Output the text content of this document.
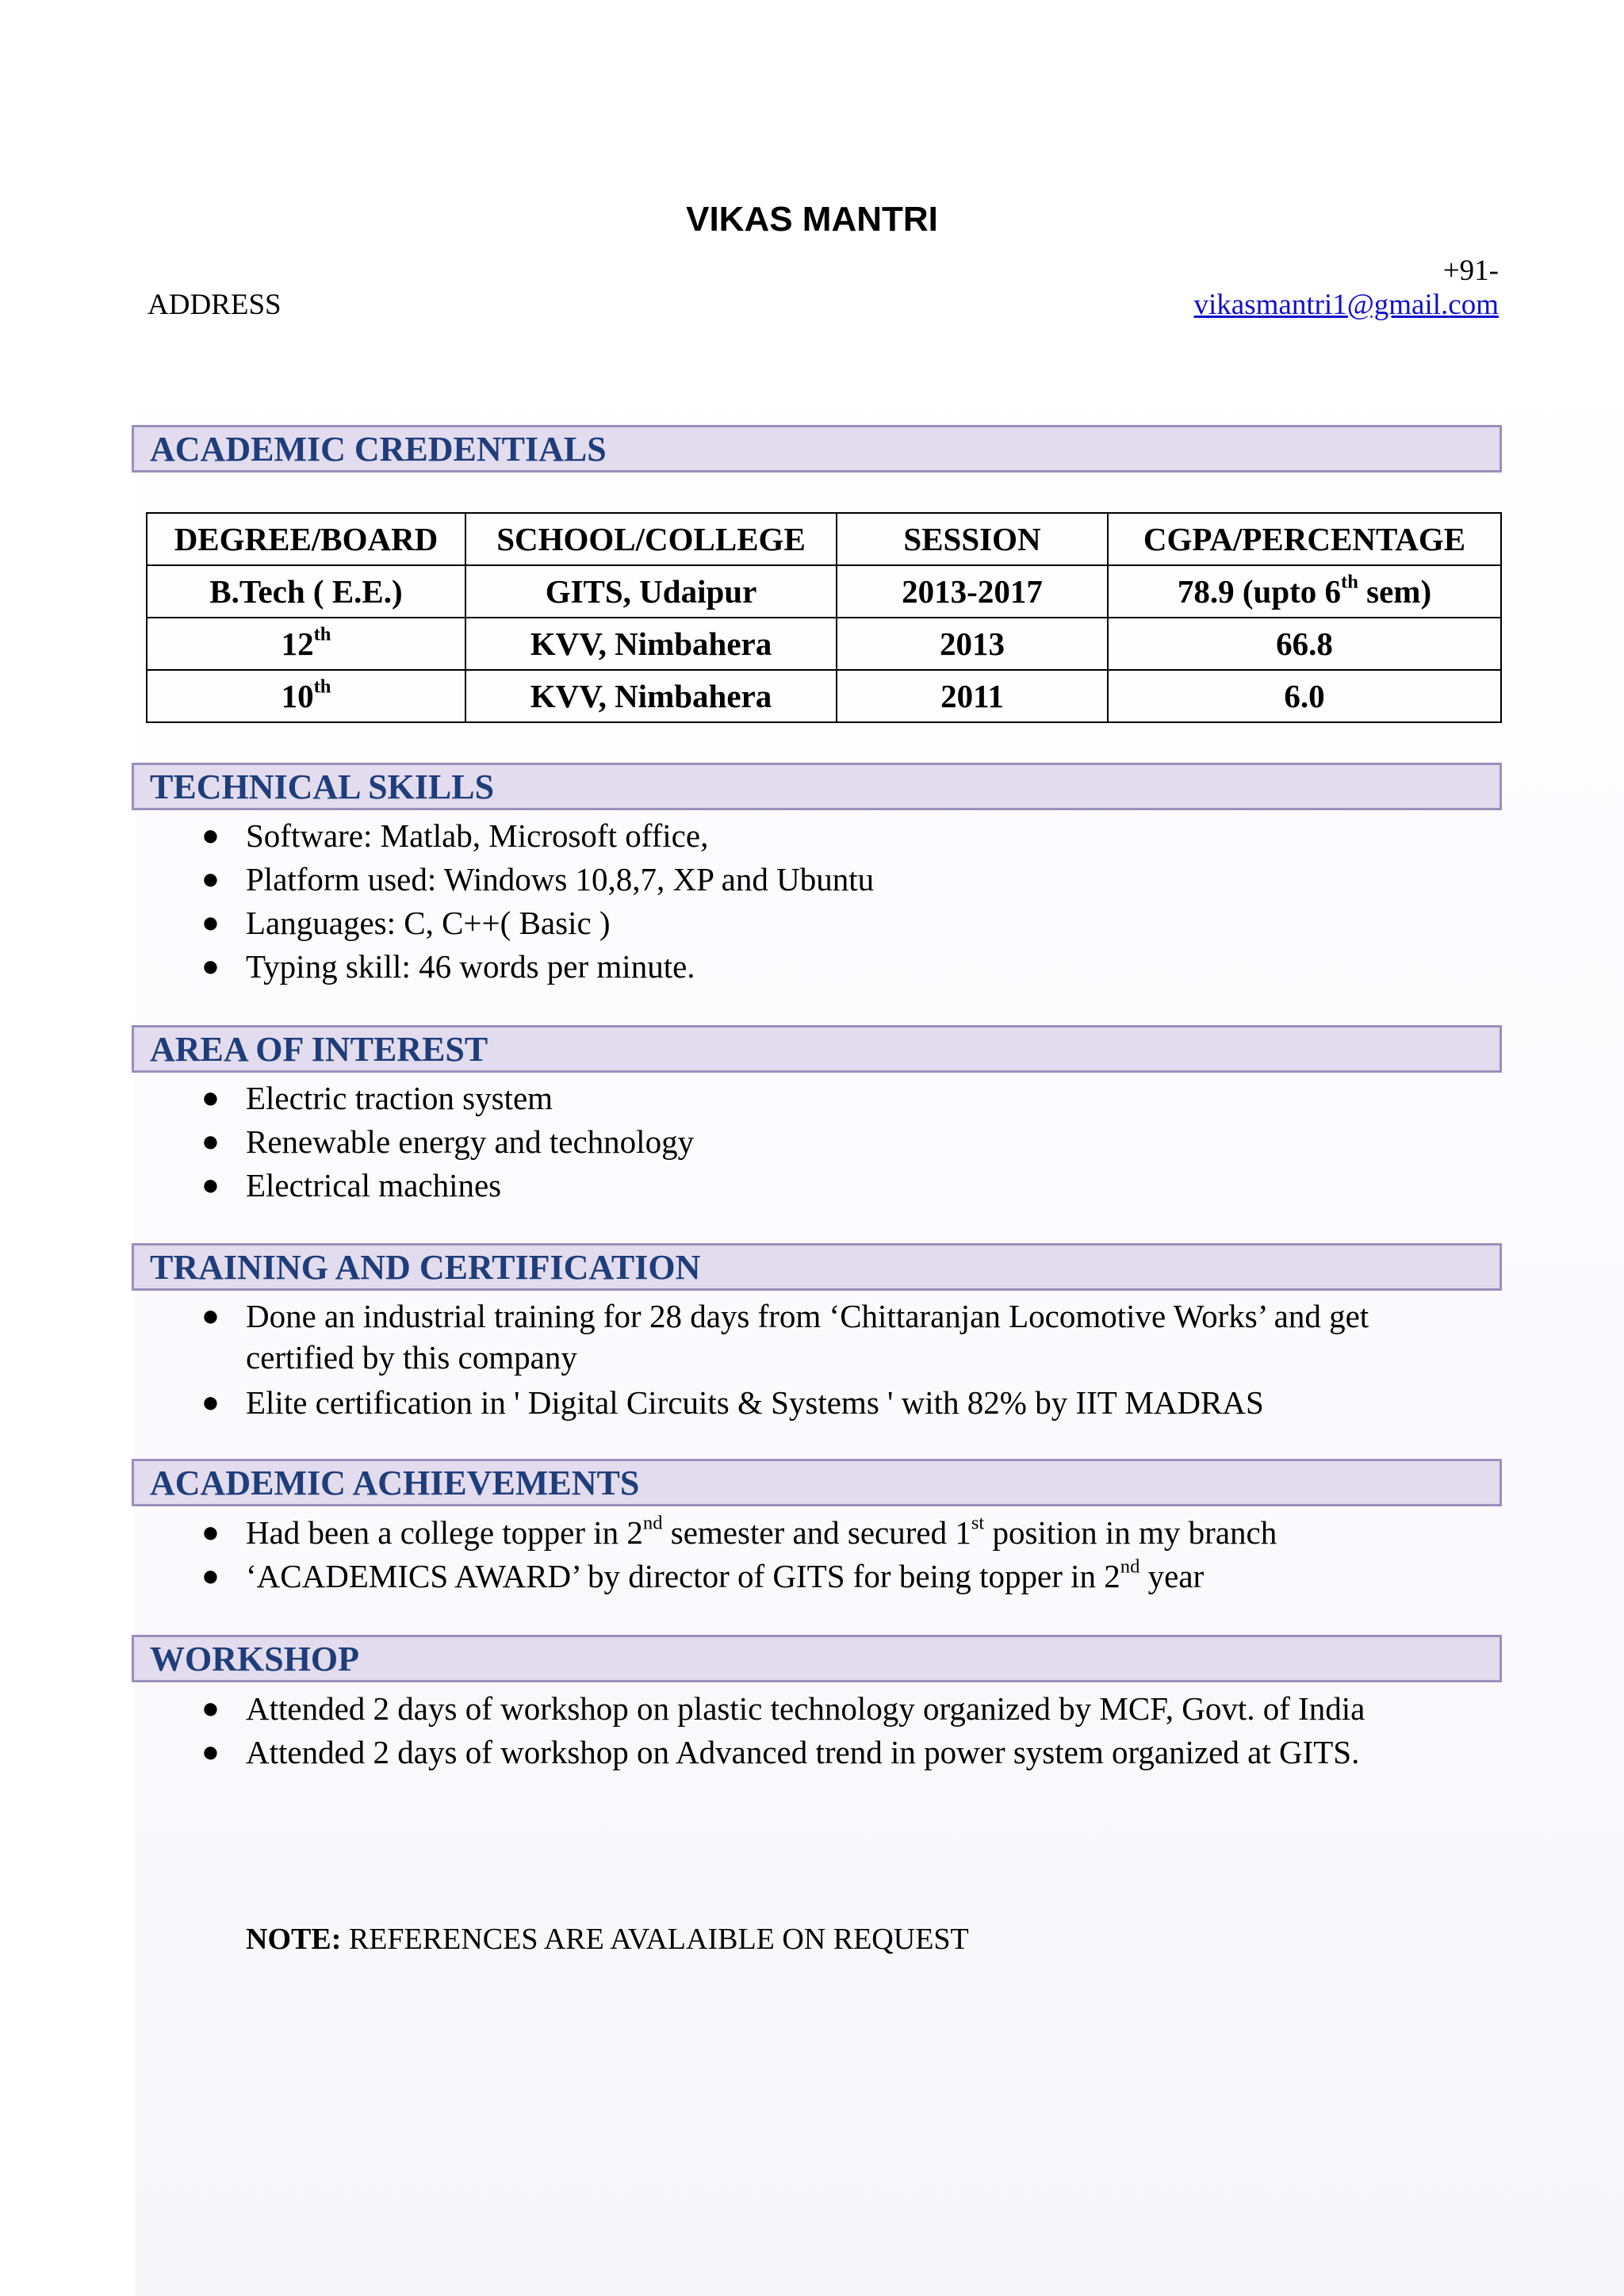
VIKAS MANTRI
ADDRESS
+91-
vikasmantri1@gmail.com
ACADEMIC CREDENTIALS
DEGREE/BOARD	SCHOOL/COLLEGE	SESSION	CGPA/PERCENTAGE
B.Tech ( E.E.)	GITS, Udaipur	2013-2017	78.9 (upto 6th sem)
12th	KVV, Nimbahera	2013	66.8
10th	KVV, Nimbahera	2011	6.0
TECHNICAL SKILLS
● Software: Matlab, Microsoft office,
● Platform used: Windows 10,8,7, XP and Ubuntu
● Languages: C, C++( Basic )
● Typing skill: 46 words per minute.
AREA OF INTEREST
● Electric traction system
● Renewable energy and technology
● Electrical machines
TRAINING AND CERTIFICATION
● Done an industrial training for 28 days from ‘Chittaranjan Locomotive Works’ and get certified by this company
● Elite certification in ' Digital Circuits & Systems ' with 82% by IIT MADRAS
ACADEMIC ACHIEVEMENTS
● Had been a college topper in 2nd semester and secured 1st position in my branch
● ‘ACADEMICS AWARD’ by director of GITS for being topper in 2nd year
WORKSHOP
● Attended 2 days of workshop on plastic technology organized by MCF, Govt. of India
● Attended 2 days of workshop on Advanced trend in power system organized at GITS.
NOTE: REFERENCES ARE AVALAIBLE ON REQUEST
